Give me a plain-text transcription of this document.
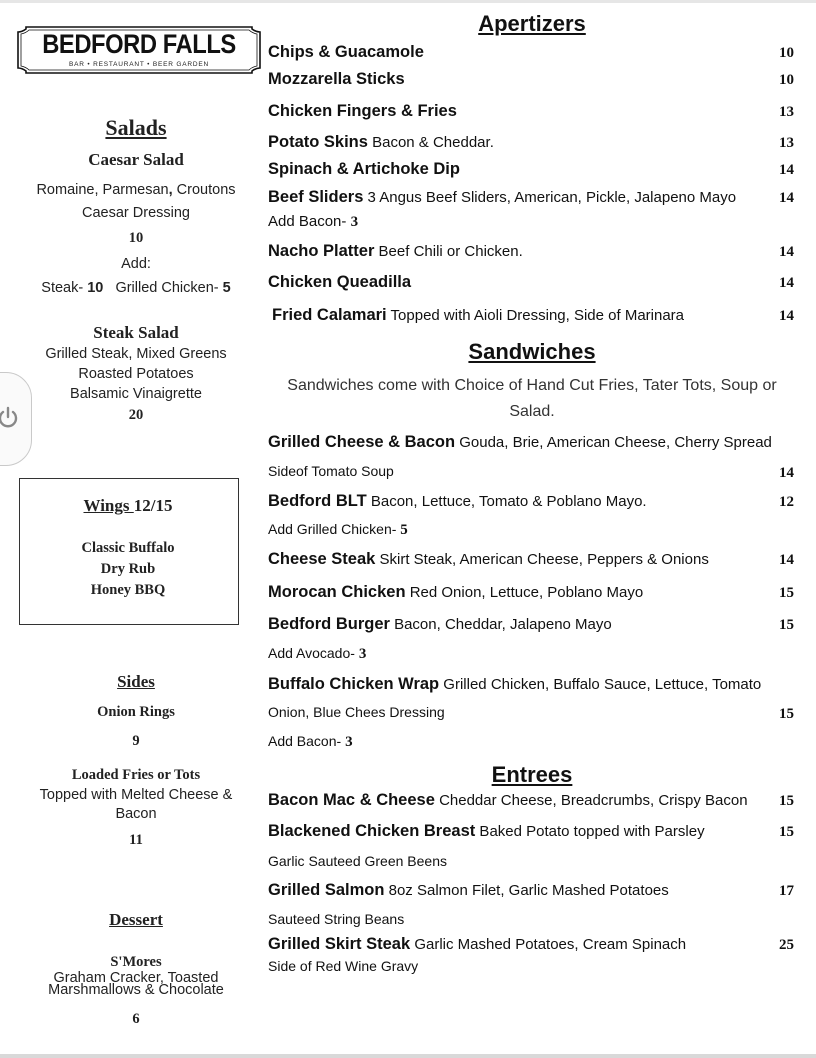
BEDFORD FALLS
BAR • RESTAURANT • BEER GARDEN
Salads
Caesar Salad
Romaine, Parmesan, Croutons
Caesar Dressing
10
Add:
Steak- 10 Grilled Chicken- 5
Steak Salad
Grilled Steak, Mixed Greens
Roasted Potatoes
Balsamic Vinaigrette
20
Wings 12/15
Classic Buffalo
Dry Rub
Honey BBQ
Sides
Onion Rings
9
Loaded Fries or Tots
Topped with Melted Cheese &
Bacon
11
Dessert
S'Mores
Graham Cracker, Toasted
Marshmallows & Chocolate
6
Apertizers
Chips & Guacamole	10
Mozzarella Sticks	10
Chicken Fingers & Fries	13
Potato Skins Bacon & Cheddar.	13
Spinach & Artichoke Dip	14
Beef Sliders 3 Angus Beef Sliders, American, Pickle, Jalapeno Mayo	14
Add Bacon- 3
Nacho Platter Beef Chili or Chicken.	14
Chicken Queadilla	14
Fried Calamari Topped with Aioli Dressing, Side of Marinara	14
Sandwiches
Sandwiches come with Choice of Hand Cut Fries, Tater Tots, Soup or
Salad.
Grilled Cheese & Bacon Gouda, Brie, American Cheese, Cherry Spread
Sideof Tomato Soup	14
Bedford BLT Bacon, Lettuce, Tomato & Poblano Mayo.	12
Add Grilled Chicken- 5
Cheese Steak Skirt Steak, American Cheese, Peppers & Onions	14
Morocan Chicken Red Onion, Lettuce, Poblano Mayo	15
Bedford Burger Bacon, Cheddar, Jalapeno Mayo	15
Add Avocado- 3
Buffalo Chicken Wrap Grilled Chicken, Buffalo Sauce, Lettuce, Tomato
Onion, Blue Chees Dressing	15
Add Bacon- 3
Entrees
Bacon Mac & Cheese Cheddar Cheese, Breadcrumbs, Crispy Bacon 15
Blackened Chicken Breast Baked Potato topped with Parsley	15
Garlic Sauteed Green Beens
Grilled Salmon 8oz Salmon Filet, Garlic Mashed Potatoes	17
Sauteed String Beans
Grilled Skirt Steak Garlic Mashed Potatoes, Cream Spinach	25
Side of Red Wine Gravy
